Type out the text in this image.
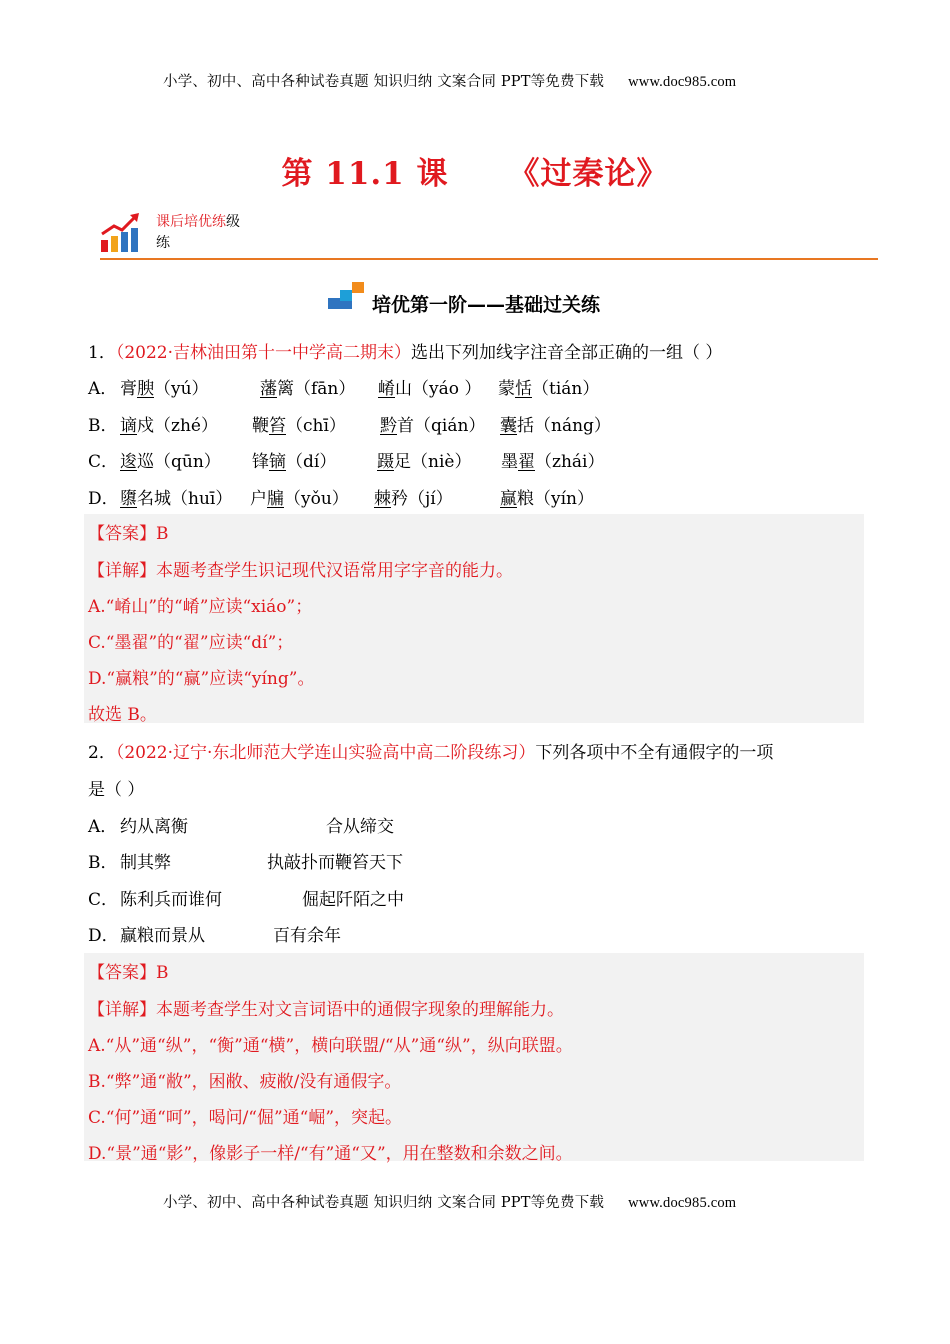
小学、初中、高中各种试卷真题 知识归纳 文案合同 PPT等免费下载 www.doc985.com
第 11.1 课 《过秦论》
课后培优练级
练
培优第一阶——基础过关练
1．（2022·吉林油田第十一中学高二期末）选出下列加线字注音全部正确的一组（ ）
A． 膏腴（yú）	藩篱（fān） 崤山（yáo ） 蒙恬（tián）
B． 谪戍（zhé） 鞭笞（chī） 黔首（qián） 囊括（náng）
C． 逡巡（qūn） 锋镝（dí） 蹑足（niè） 墨翟（zhái）
D．隳名城（huī） 户牖（yǒu） 棘矜（jí）	赢粮（yín）
【答案】B
【详解】本题考查学生识记现代汉语常用字字音的能力。
A.“崤山”的“崤”应读“xiáo”；
C.“墨翟”的“翟”应读“dí”；
D.“赢粮”的“赢”应读“yíng”。
故选 B。
2．（2022·辽宁·东北师范大学连山实验高中高二阶段练习）下列各项中不全有通假字的一项
是（ ）
A． 约从离衡	合从缔交
B． 制其弊	执敲扑而鞭笞天下
C． 陈利兵而谁何	倔起阡陌之中
D．赢粮而景从	百有余年
【答案】B
【详解】本题考查学生对文言词语中的通假字现象的理解能力。
A.“从”通“纵”，“衡”通“横”，横向联盟/“从”通“纵”，纵向联盟。
B.“弊”通“敝”，困敝、疲敝/没有通假字。
C.“何”通“呵”，喝问/“倔”通“崛”，突起。
D.“景”通“影”，像影子一样/“有”通“又”，用在整数和余数之间。
小学、初中、高中各种试卷真题 知识归纳 文案合同 PPT等免费下载 www.doc985.com
